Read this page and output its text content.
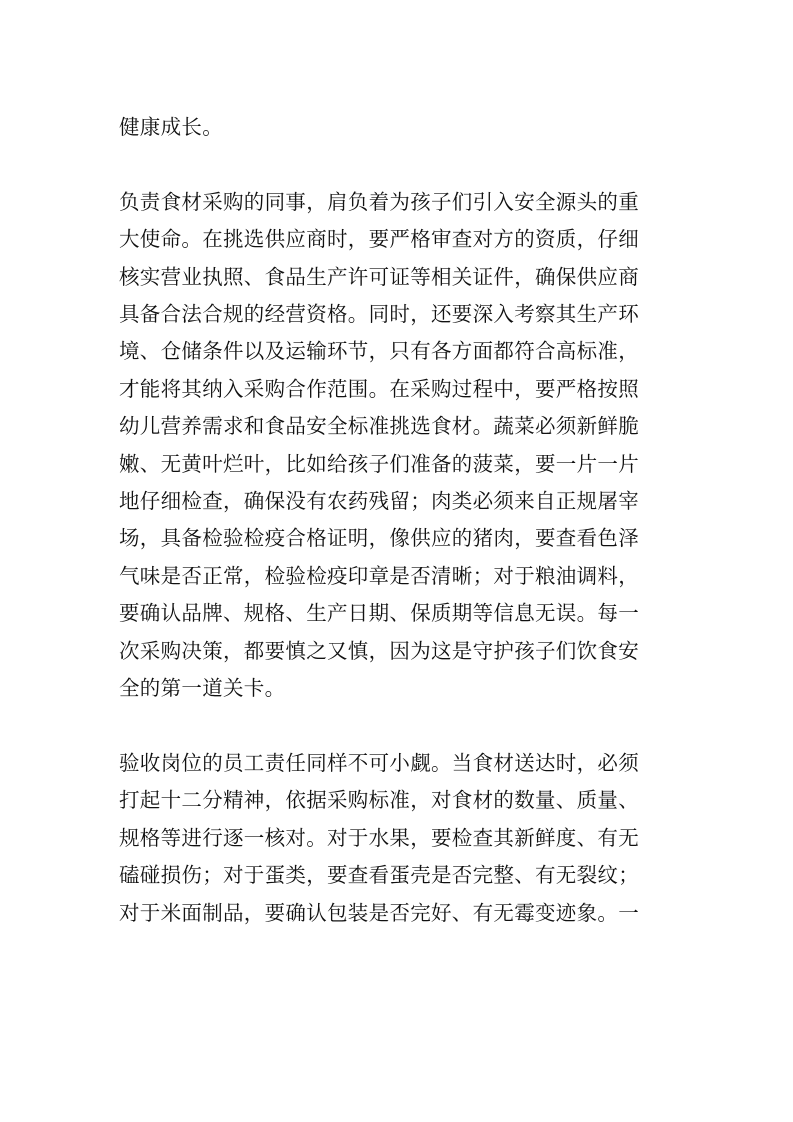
健康成长。

负责食材采购的同事，肩负着为孩子们引入安全源头的重
大使命。在挑选供应商时，要严格审查对方的资质，仔细
核实营业执照、食品生产许可证等相关证件，确保供应商
具备合法合规的经营资格。同时，还要深入考察其生产环
境、仓储条件以及运输环节，只有各方面都符合高标准，
才能将其纳入采购合作范围。在采购过程中，要严格按照
幼儿营养需求和食品安全标准挑选食材。蔬菜必须新鲜脆
嫩、无黄叶烂叶，比如给孩子们准备的菠菜，要一片一片
地仔细检查，确保没有农药残留；肉类必须来自正规屠宰
场，具备检验检疫合格证明，像供应的猪肉，要查看色泽
气味是否正常，检验检疫印章是否清晰；对于粮油调料，
要确认品牌、规格、生产日期、保质期等信息无误。每一
次采购决策，都要慎之又慎，因为这是守护孩子们饮食安
全的第一道关卡。

验收岗位的员工责任同样不可小觑。当食材送达时，必须
打起十二分精神，依据采购标准，对食材的数量、质量、
规格等进行逐一核对。对于水果，要检查其新鲜度、有无
磕碰损伤；对于蛋类，要查看蛋壳是否完整、有无裂纹；
对于米面制品，要确认包装是否完好、有无霉变迹象。一
